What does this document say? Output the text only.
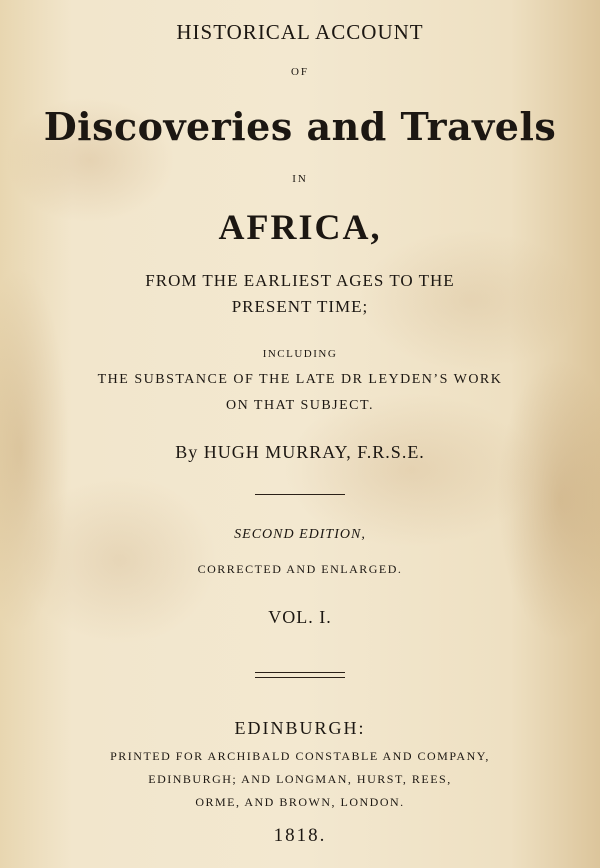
HISTORICAL ACCOUNT
OF
Discoveries and Travels
IN
AFRICA,
FROM THE EARLIEST AGES TO THE
PRESENT TIME;
INCLUDING
THE SUBSTANCE OF THE LATE DR LEYDEN’S WORK
ON THAT SUBJECT.
By HUGH MURRAY, F.R.S.E.
SECOND EDITION,
CORRECTED AND ENLARGED.
VOL. I.
EDINBURGH:
PRINTED FOR ARCHIBALD CONSTABLE AND COMPANY,
EDINBURGH; AND LONGMAN, HURST, REES,
ORME, AND BROWN, LONDON.
1818.
